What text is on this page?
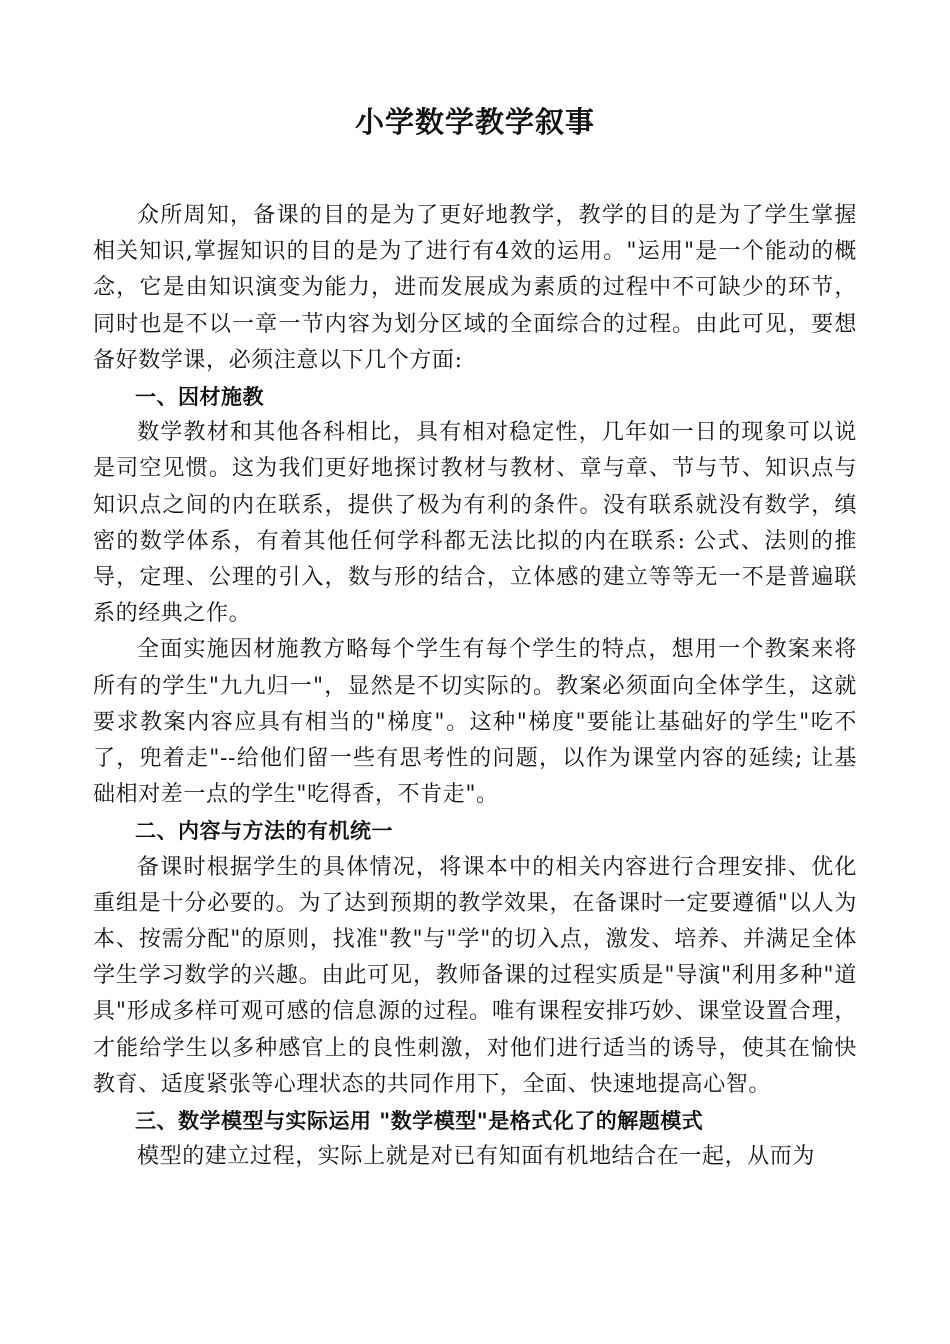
小学数学教学叙事

众所周知，备课的目的是为了更好地教学，教学的目的是为了学生掌握相关知识,掌握知识的目的是为了进行有4效的运用。"运用"是一个能动的概念，它是由知识演变为能力，进而发展成为素质的过程中不可缺少的环节，同时也是不以一章一节内容为划分区域的全面综合的过程。由此可见，要想备好数学课，必须注意以下几个方面:

一、因材施教

数学教材和其他各科相比，具有相对稳定性，几年如一日的现象可以说是司空见惯。这为我们更好地探讨教材与教材、章与章、节与节、知识点与知识点之间的内在联系，提供了极为有利的条件。没有联系就没有数学，缜密的数学体系，有着其他任何学科都无法比拟的内在联系: 公式、法则的推导，定理、公理的引入，数与形的结合，立体感的建立等等无一不是普遍联系的经典之作。

全面实施因材施教方略每个学生有每个学生的特点，想用一个教案来将所有的学生"九九归一"，显然是不切实际的。教案必须面向全体学生，这就要求教案内容应具有相当的"梯度"。这种"梯度"要能让基础好的学生"吃不了，兜着走"--给他们留一些有思考性的问题，以作为课堂内容的延续; 让基础相对差一点的学生"吃得香，不肯走"。

二、内容与方法的有机统一

备课时根据学生的具体情况，将课本中的相关内容进行合理安排、优化重组是十分必要的。为了达到预期的教学效果，在备课时一定要遵循"以人为本、按需分配"的原则，找准"教"与"学"的切入点，激发、培养、并满足全体学生学习数学的兴趣。由此可见，教师备课的过程实质是"导演"利用多种"道具"形成多样可观可感的信息源的过程。唯有课程安排巧妙、课堂设置合理，才能给学生以多种感官上的良性刺激，对他们进行适当的诱导，使其在愉快教育、适度紧张等心理状态的共同作用下，全面、快速地提高心智。

三、数学模型与实际运用 "数学模型"是格式化了的解题模式

模型的建立过程，实际上就是对已有知面有机地结合在一起，从而为
